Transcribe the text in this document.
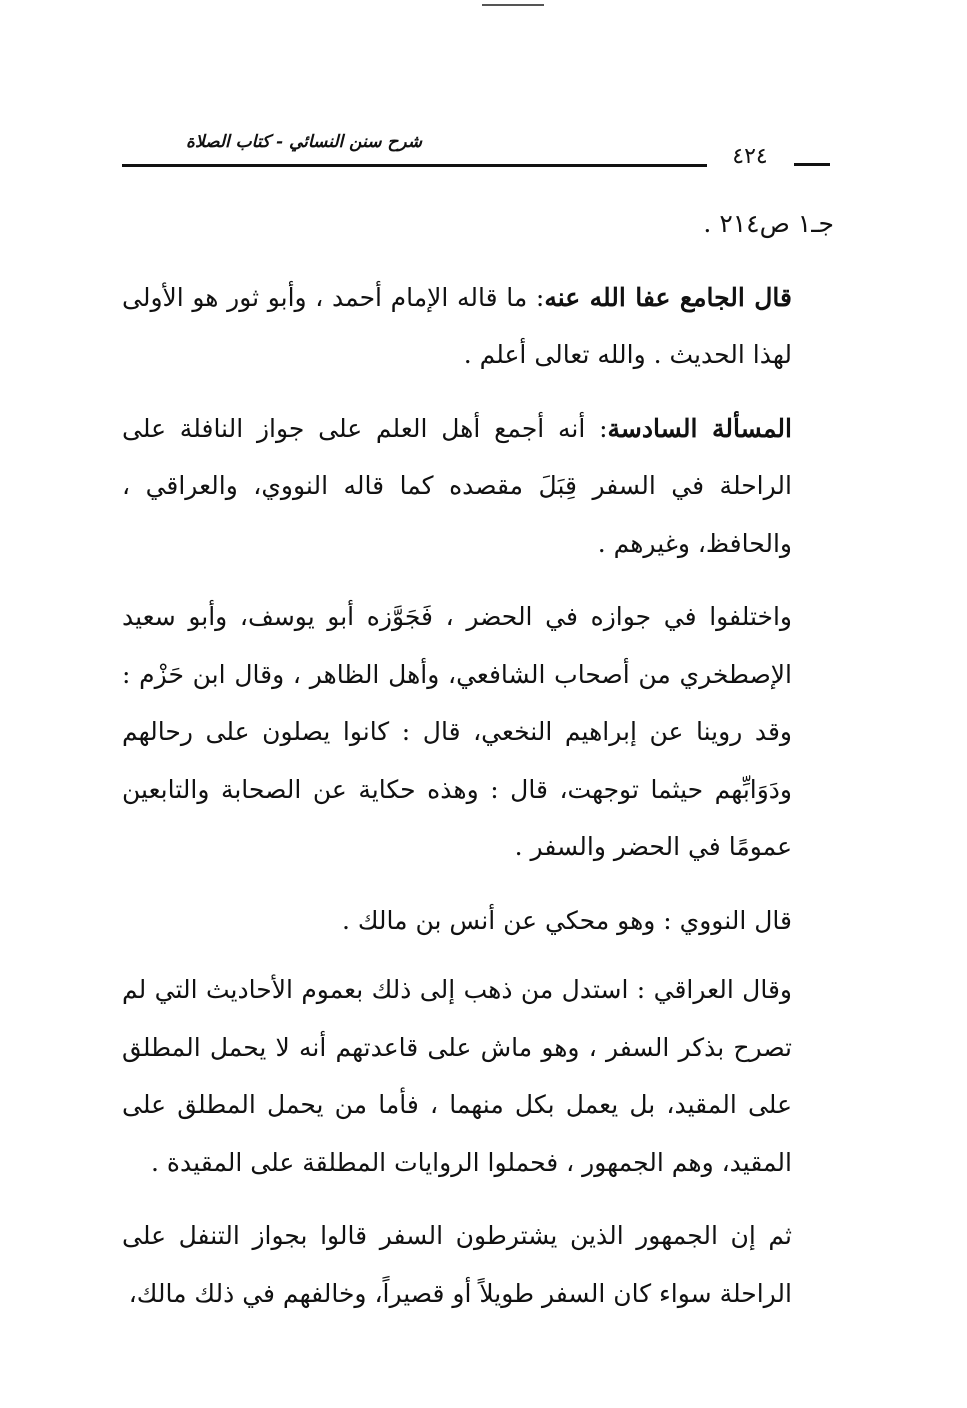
شرح سنن النسائي - كتاب الصلاة
٤٢٤

جـ١ ص٢١٤ .

قال الجامع عفا الله عنه: ما قاله الإمام أحمد ، وأبو ثور هو الأولى لهذا الحديث . والله تعالى أعلم .

المسألة السادسة: أنه أجمع أهل العلم على جواز النافلة على الراحلة في السفر قِبَلَ مقصده كما قاله النووي، والعراقي ، والحافظ، وغيرهم .

واختلفوا في جوازه في الحضر ، فَجَوَّزه أبو يوسف، وأبو سعيد الإصطخري من أصحاب الشافعي، وأهل الظاهر ، وقال ابن حَزْم : وقد روينا عن إبراهيم النخعي، قال : كانوا يصلون على رحالهم ودَوَابِّهم حيثما توجهت، قال : وهذه حكاية عن الصحابة والتابعين عمومًا في الحضر والسفر .

قال النووي : وهو محكي عن أنس بن مالك .

وقال العراقي : استدل من ذهب إلى ذلك بعموم الأحاديث التي لم تصرح بذكر السفر ، وهو ماش على قاعدتهم أنه لا يحمل المطلق على المقيد، بل يعمل بكل منهما ، فأما من يحمل المطلق على المقيد، وهم الجمهور ، فحملوا الروايات المطلقة على المقيدة .

ثم إن الجمهور الذين يشترطون السفر قالوا بجواز التنفل على الراحلة سواء كان السفر طويلاً أو قصيراً، وخالفهم في ذلك مالك،
